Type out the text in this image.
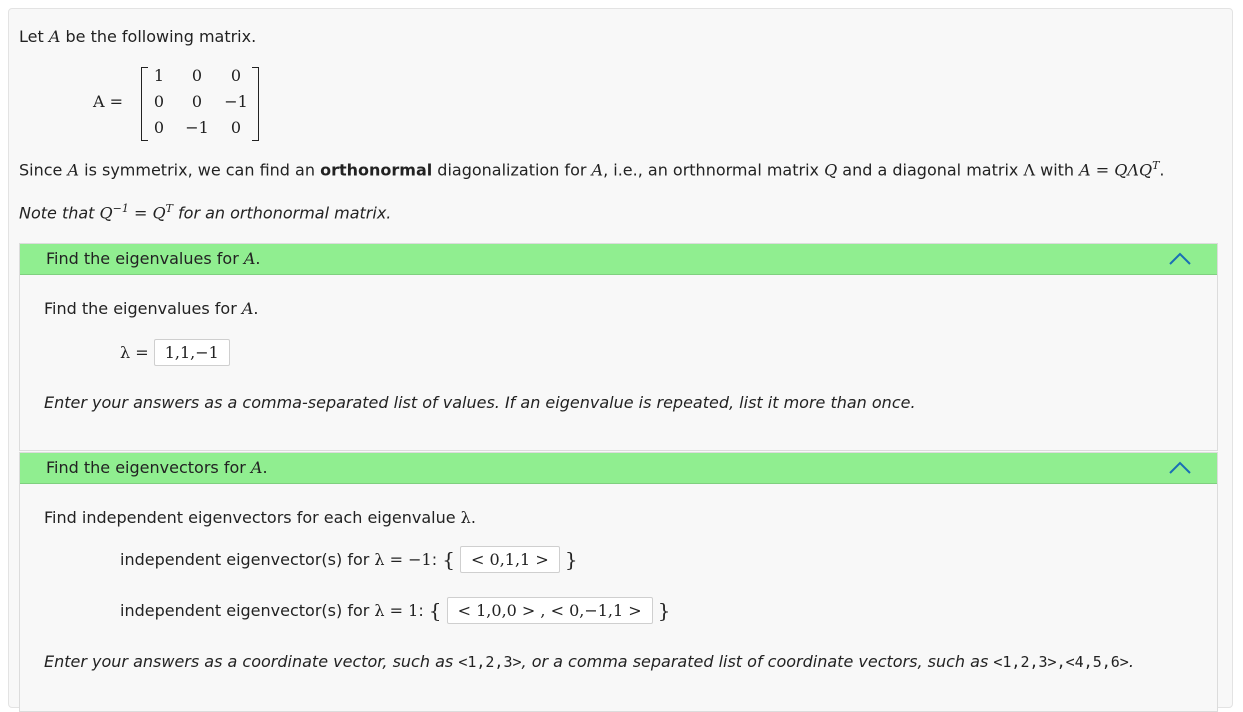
Let A be the following matrix.
A =
1	0	0
0	0	−1
0	−1	0
Since A is symmetrix, we can find an orthonormal diagonalization for A, i.e., an orthnormal matrix Q and a diagonal matrix Λ with $A = Q\Lambda Q^T$.
Note that $Q^{-1} = Q^T$ for an orthonormal matrix.
Find the eigenvalues for A.
Find the eigenvalues for A.
λ = 1,1,−1
Enter your answers as a comma-separated list of values. If an eigenvalue is repeated, list it more than once.
Find the eigenvectors for A.
Find independent eigenvectors for each eigenvalue λ.
independent eigenvector(s) for λ = −1: { < 0,1,1 > }
independent eigenvector(s) for λ = 1: { < 1,0,0 > , < 0,−1,1 > }
Enter your answers as a coordinate vector, such as <1,2,3>, or a comma separated list of coordinate vectors, such as <1,2,3>,<4,5,6>.
